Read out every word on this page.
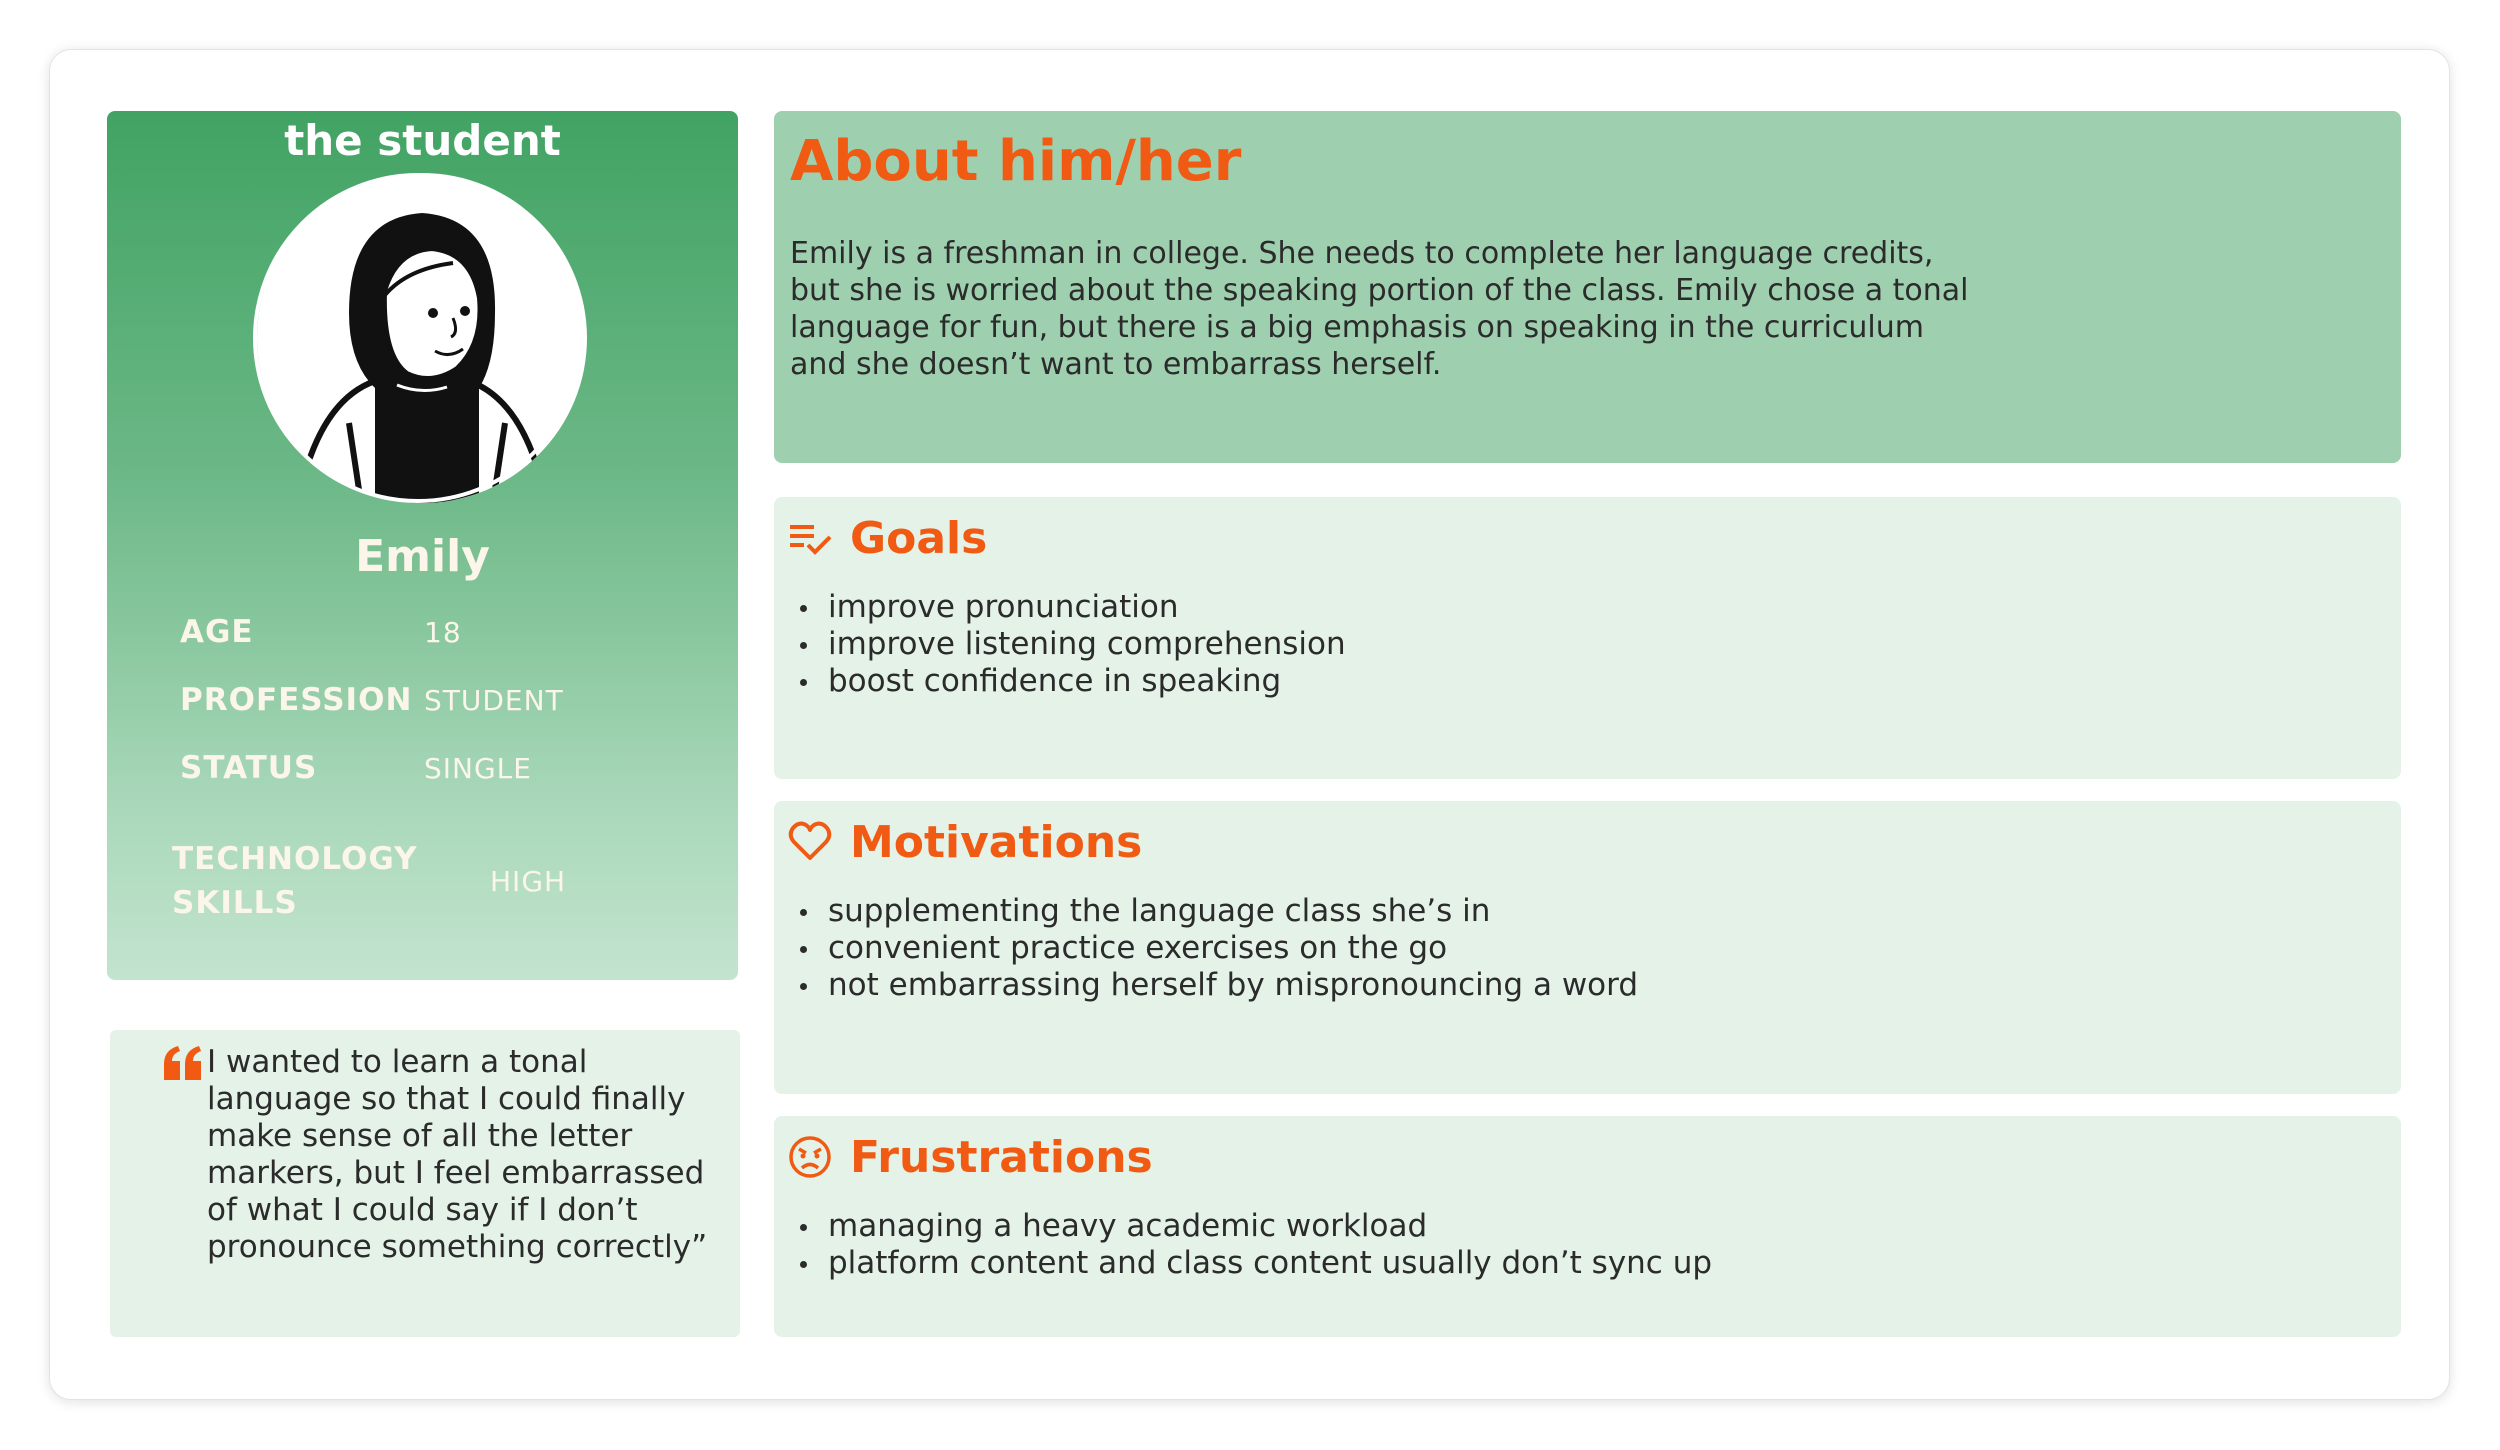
the student
Emily
AGE	18
PROFESSION STUDENT
STATUS	SINGLE
TECHNOLOGY
SKILLS
HIGH

I wanted to learn a tonal language so that I could finally make sense of all the letter markers, but I feel embarrassed of what I could say if I don’t pronounce something correctly”

About him/her

Emily is a freshman in college. She needs to complete her language credits, but she is worried about the speaking portion of the class. Emily chose a tonal language for fun, but there is a big emphasis on speaking in the curriculum and she doesn’t want to embarrass herself.

Goals
improve pronunciation
improve listening comprehension
boost confidence in speaking
Motivations
supplementing the language class she’s in
convenient practice exercises on the go
not embarrassing herself by mispronouncing a word
Frustrations
managing a heavy academic workload
platform content and class content usually don’t sync up
